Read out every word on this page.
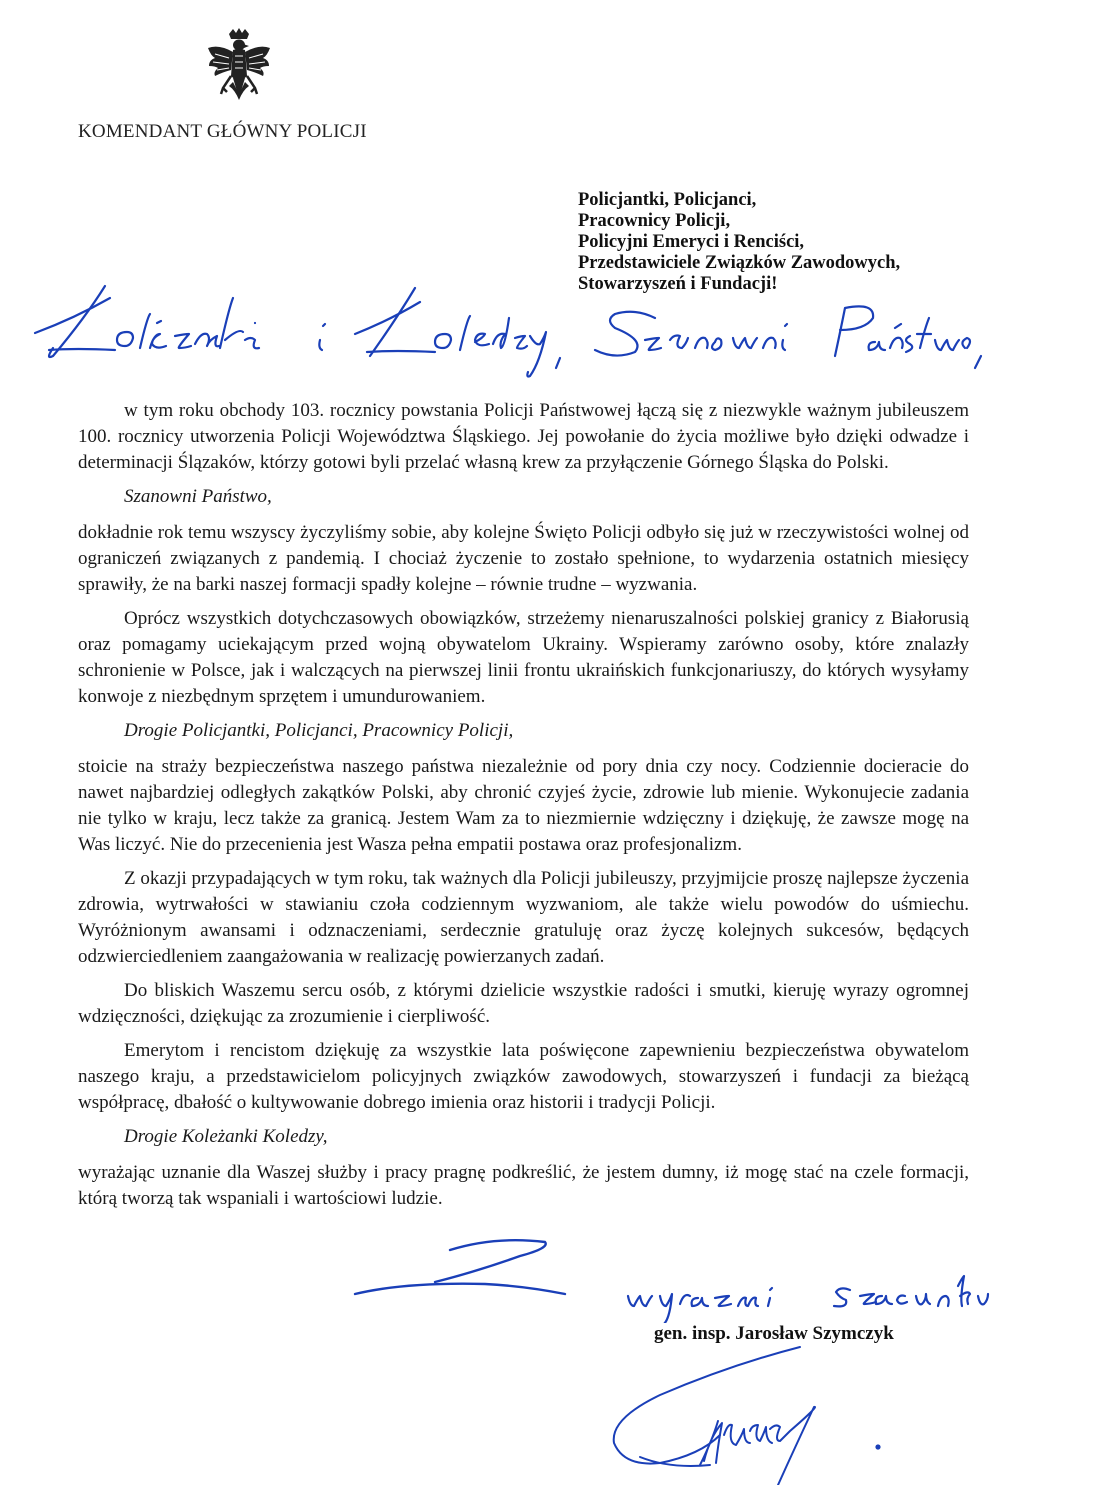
KOMENDANT GŁÓWNY POLICJI
Policjantki, Policjanci,
Pracownicy Policji,
Policyjni Emeryci i Renciści,
Przedstawiciele Związków Zawodowych,
Stowarzyszeń i Fundacji!

w tym roku obchody 103. rocznicy powstania Policji Państwowej łączą się z niezwykle ważnym jubileuszem 100. rocznicy utworzenia Policji Województwa Śląskiego. Jej powołanie do życia możliwe było dzięki odwadze i determinacji Ślązaków, którzy gotowi byli przelać własną krew za przyłączenie Górnego Śląska do Polski.

Szanowni Państwo,

dokładnie rok temu wszyscy życzyliśmy sobie, aby kolejne Święto Policji odbyło się już w rzeczywistości wolnej od ograniczeń związanych z pandemią. I chociaż życzenie to zostało spełnione, to wydarzenia ostatnich miesięcy sprawiły, że na barki naszej formacji spadły kolejne – równie trudne – wyzwania.

Oprócz wszystkich dotychczasowych obowiązków, strzeżemy nienaruszalności polskiej granicy z Białorusią oraz pomagamy uciekającym przed wojną obywatelom Ukrainy. Wspieramy zarówno osoby, które znalazły schronienie w Polsce, jak i walczących na pierwszej linii frontu ukraińskich funkcjonariuszy, do których wysyłamy konwoje z niezbędnym sprzętem i umundurowaniem.

Drogie Policjantki, Policjanci, Pracownicy Policji,

stoicie na straży bezpieczeństwa naszego państwa niezależnie od pory dnia czy nocy. Codziennie docieracie do nawet najbardziej odległych zakątków Polski, aby chronić czyjeś życie, zdrowie lub mienie. Wykonujecie zadania nie tylko w kraju, lecz także za granicą. Jestem Wam za to niezmiernie wdzięczny i dziękuję, że zawsze mogę na Was liczyć. Nie do przecenienia jest Wasza pełna empatii postawa oraz profesjonalizm.

Z okazji przypadających w tym roku, tak ważnych dla Policji jubileuszy, przyjmijcie proszę najlepsze życzenia zdrowia, wytrwałości w stawianiu czoła codziennym wyzwaniom, ale także wielu powodów do uśmiechu. Wyróżnionym awansami i odznaczeniami, serdecznie gratuluję oraz życzę kolejnych sukcesów, będących odzwierciedleniem zaangażowania w realizację powierzanych zadań.

Do bliskich Waszemu sercu osób, z którymi dzielicie wszystkie radości i smutki, kieruję wyrazy ogromnej wdzięczności, dziękując za zrozumienie i cierpliwość.

Emerytom i rencistom dziękuję za wszystkie lata poświęcone zapewnieniu bezpieczeństwa obywatelom naszego kraju, a przedstawicielom policyjnych związków zawodowych, stowarzyszeń i fundacji za bieżącą współpracę, dbałość o kultywowanie dobrego imienia oraz historii i tradycji Policji.

Drogie Koleżanki Koledzy,

wyrażając uznanie dla Waszej służby i pracy pragnę podkreślić, że jestem dumny, iż mogę stać na czele formacji, którą tworzą tak wspaniali i wartościowi ludzie.

gen. insp. Jarosław Szymczyk
